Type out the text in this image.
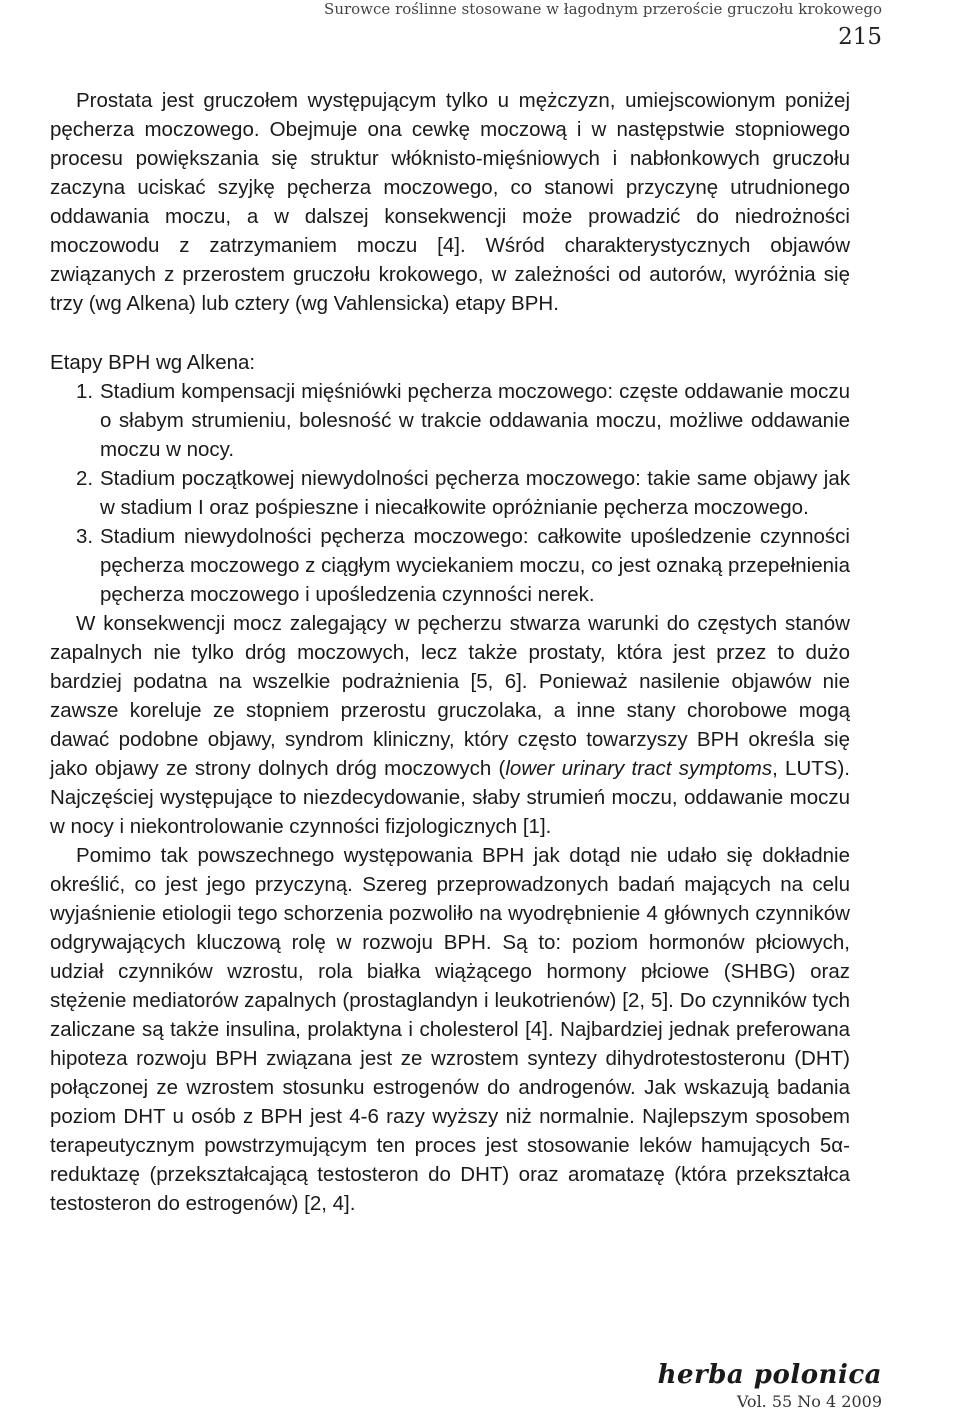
Surowce roślinne stosowane w łagodnym przeroście gruczołu krokowego
215

Prostata jest gruczołem występującym tylko u mężczyzn, umiejscowionym poniżej pęcherza moczowego. Obejmuje ona cewkę moczową i w następstwie stopniowego procesu powiększania się struktur włóknisto-mięśniowych i nabłonkowych gruczołu zaczyna uciskać szyjkę pęcherza moczowego, co stanowi przyczynę utrudnionego oddawania moczu, a w dalszej konsekwencji może prowadzić do niedrożności moczowodu z zatrzymaniem moczu [4]. Wśród charakterystycznych objawów związanych z przerostem gruczołu krokowego, w zależności od autorów, wyróżnia się trzy (wg Alkena) lub cztery (wg Vahlensicka) etapy BPH.

Etapy BPH wg Alkena:

1. Stadium kompensacji mięśniówki pęcherza moczowego: częste oddawanie moczu o słabym strumieniu, bolesność w trakcie oddawania moczu, możliwe oddawanie moczu w nocy.
2. Stadium początkowej niewydolności pęcherza moczowego: takie same objawy jak w stadium I oraz pośpieszne i niecałkowite opróżnianie pęcherza moczowego.
3. Stadium niewydolności pęcherza moczowego: całkowite upośledzenie czynności pęcherza moczowego z ciągłym wyciekaniem moczu, co jest oznaką przepełnienia pęcherza moczowego i upośledzenia czynności nerek.

W konsekwencji mocz zalegający w pęcherzu stwarza warunki do częstych stanów zapalnych nie tylko dróg moczowych, lecz także prostaty, która jest przez to dużo bardziej podatna na wszelkie podrażnienia [5, 6]. Ponieważ nasilenie objawów nie zawsze koreluje ze stopniem przerostu gruczolaka, a inne stany chorobowe mogą dawać podobne objawy, syndrom kliniczny, który często towarzyszy BPH określa się jako objawy ze strony dolnych dróg moczowych (lower urinary tract symptoms, LUTS). Najczęściej występujące to niezdecydowanie, słaby strumień moczu, oddawanie moczu w nocy i niekontrolowanie czynności fizjologicznych [1].

Pomimo tak powszechnego występowania BPH jak dotąd nie udało się dokładnie określić, co jest jego przyczyną. Szereg przeprowadzonych badań mających na celu wyjaśnienie etiologii tego schorzenia pozwoliło na wyodrębnienie 4 głównych czynników odgrywających kluczową rolę w rozwoju BPH. Są to: poziom hormonów płciowych, udział czynników wzrostu, rola białka wiążącego hormony płciowe (SHBG) oraz stężenie mediatorów zapalnych (prostaglandyn i leukotrienów) [2, 5]. Do czynników tych zaliczane są także insulina, prolaktyna i cholesterol [4]. Najbardziej jednak preferowana hipoteza rozwoju BPH związana jest ze wzrostem syntezy dihydrotestosteronu (DHT) połączonej ze wzrostem stosunku estrogenów do androgenów. Jak wskazują badania poziom DHT u osób z BPH jest 4-6 razy wyższy niż normalnie. Najlepszym sposobem terapeutycznym powstrzymującym ten proces jest stosowanie leków hamujących 5α-reduktazę (przekształcającą testosteron do DHT) oraz aromatazę (która przekształca testosteron do estrogenów) [2, 4].

herba polonica
Vol. 55 No 4 2009
